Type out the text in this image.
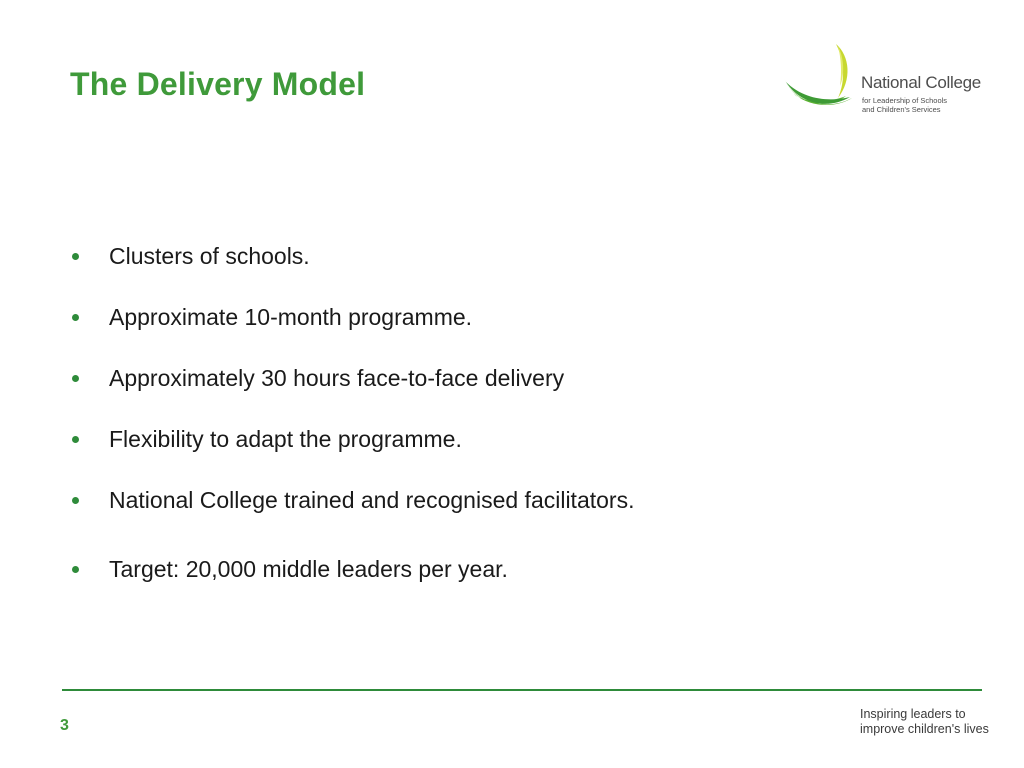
The Delivery Model	National College
for Leadership of Schools
and Children's Services
Clusters of schools.
Approximate 10-month programme.
Approximately 30 hours face-to-face delivery
Flexibility to adapt the programme.
National College trained and recognised facilitators.
Target: 20,000 middle leaders per year.
3
Inspiring leaders to
improve children's lives
